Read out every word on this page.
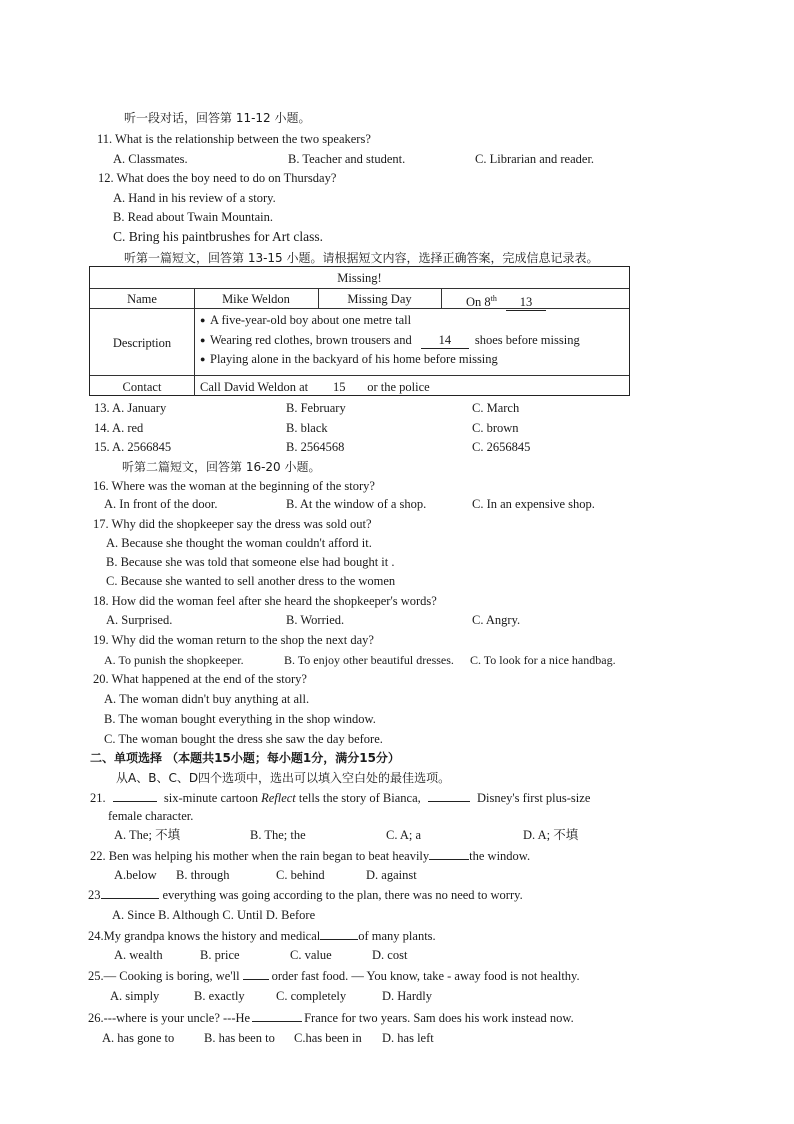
听一段对话，回答第 11-12 小题。
11. What is the relationship between the two speakers?
A. Classmates.	B. Teacher and student.	C. Librarian and reader.
12. What does the boy need to do on Thursday?
A. Hand in his review of a story.
B. Read about Twain Mountain.
C. Bring his paintbrushes for Art class.
听第一篇短文，回答第 13-15 小题。请根据短文内容，选择正确答案，完成信息记录表。
Missing!
Name	Mike Weldon	Missing Day	On 8th 13
Description
● A five-year-old boy about one metre tall
● Wearing red clothes, brown trousers and 14 shoes before missing
● Playing alone in the backyard of his home before missing
Contact	Call David Weldon at 15 or the police
13. A. January	B. February	C. March
14. A. red	B. black	C. brown
15. A. 2566845	B. 2564568	C. 2656845
听第二篇短文，回答第 16-20 小题。
16. Where was the woman at the beginning of the story?
A. In front of the door.	B. At the window of a shop.	C. In an expensive shop.
17. Why did the shopkeeper say the dress was sold out?
A. Because she thought the woman couldn't afford it.
B. Because she was told that someone else had bought it .
C. Because she wanted to sell another dress to the women
18. How did the woman feel after she heard the shopkeeper's words?
A. Surprised.	B. Worried.	C. Angry.
19. Why did the woman return to the shop the next day?
A. To punish the shopkeeper.	B. To enjoy other beautiful dresses. C. To look for a nice handbag.
20. What happened at the end of the story?
A. The woman didn't buy anything at all.
B. The woman bought everything in the shop window.
C. The woman bought the dress she saw the day before.
二、单项选择 （本题共15小题；每小题1分，满分15分）
从A、B、C、D四个选项中，选出可以填入空白处的最佳选项。
21.	six-minute cartoon Reflect tells the story of Bianca,	Disney's first plus-size
female character.
A. The; 不填	B. The; the	C. A; a	D. A; 不填
22. Ben was helping his mother when the rain began to beat heavily	the window.
A.below B. through	C. behind	D. against
23	everything was going according to the plan, there was no need to worry.
A. Since B. Although C. Until D. Before
24.My grandpa knows the history and medical	of many plants.
A. wealth	B. price	C. value	D. cost
25.— Cooking is boring, we'll	order fast food. — You know, take - away food is not healthy.
A. simply	B. exactly	C. completely	D. Hardly
26.---where is your uncle? ---He	France for two years. Sam does his work instead now.
A. has gone to B. has been to C.has been in D. has left
